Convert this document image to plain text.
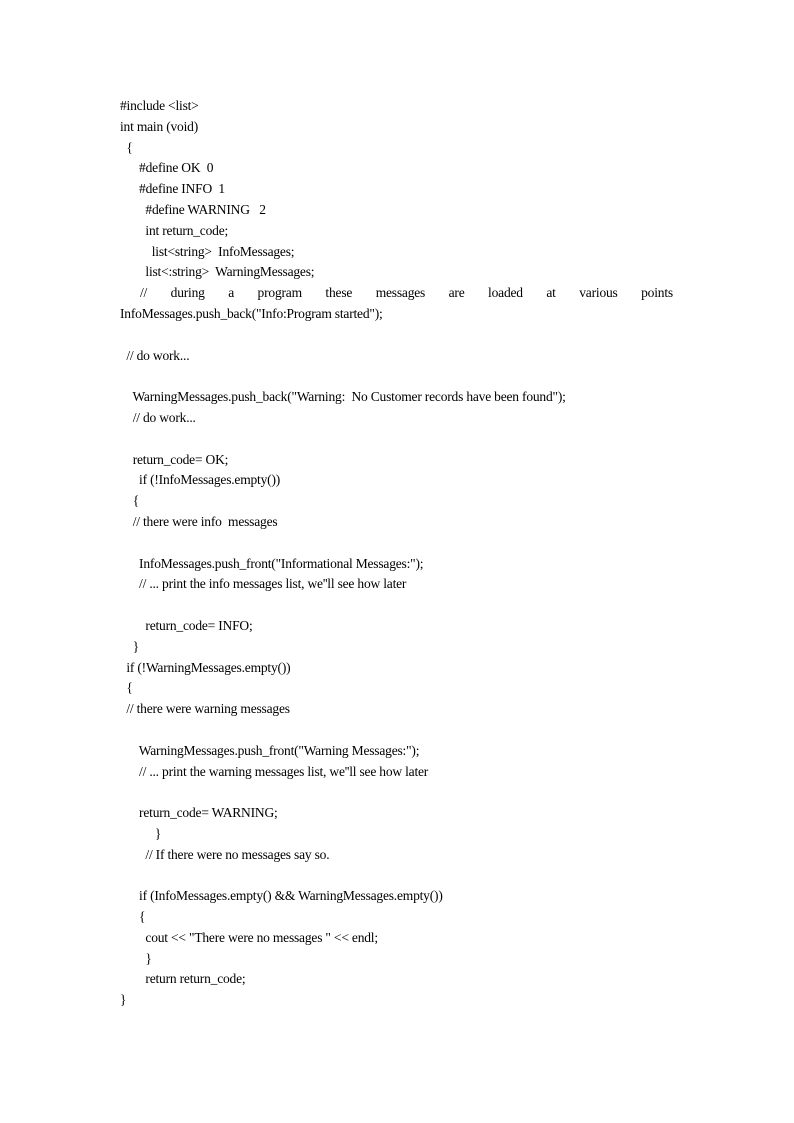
#include <list>
int main (void)
{
#define OK  0
#define INFO  1
#define WARNING   2
int return_code;
list<string>  InfoMessages;
list<:string>  WarningMessages;
// during a program these messages are loaded at various points
InfoMessages.push_back("Info:Program started");
// do work...
WarningMessages.push_back("Warning:  No Customer records have been found");
// do work...
return_code= OK;
if (!InfoMessages.empty())
{
// there were info  messages
InfoMessages.push_front("Informational Messages:");
// ... print the info messages list, we''ll see how later
return_code= INFO;
}
if (!WarningMessages.empty())
{
// there were warning messages
WarningMessages.push_front("Warning Messages:");
// ... print the warning messages list, we''ll see how later
return_code= WARNING;
}
// If there were no messages say so.
if (InfoMessages.empty() && WarningMessages.empty())
{
cout << "There were no messages " << endl;
}
return return_code;
}
